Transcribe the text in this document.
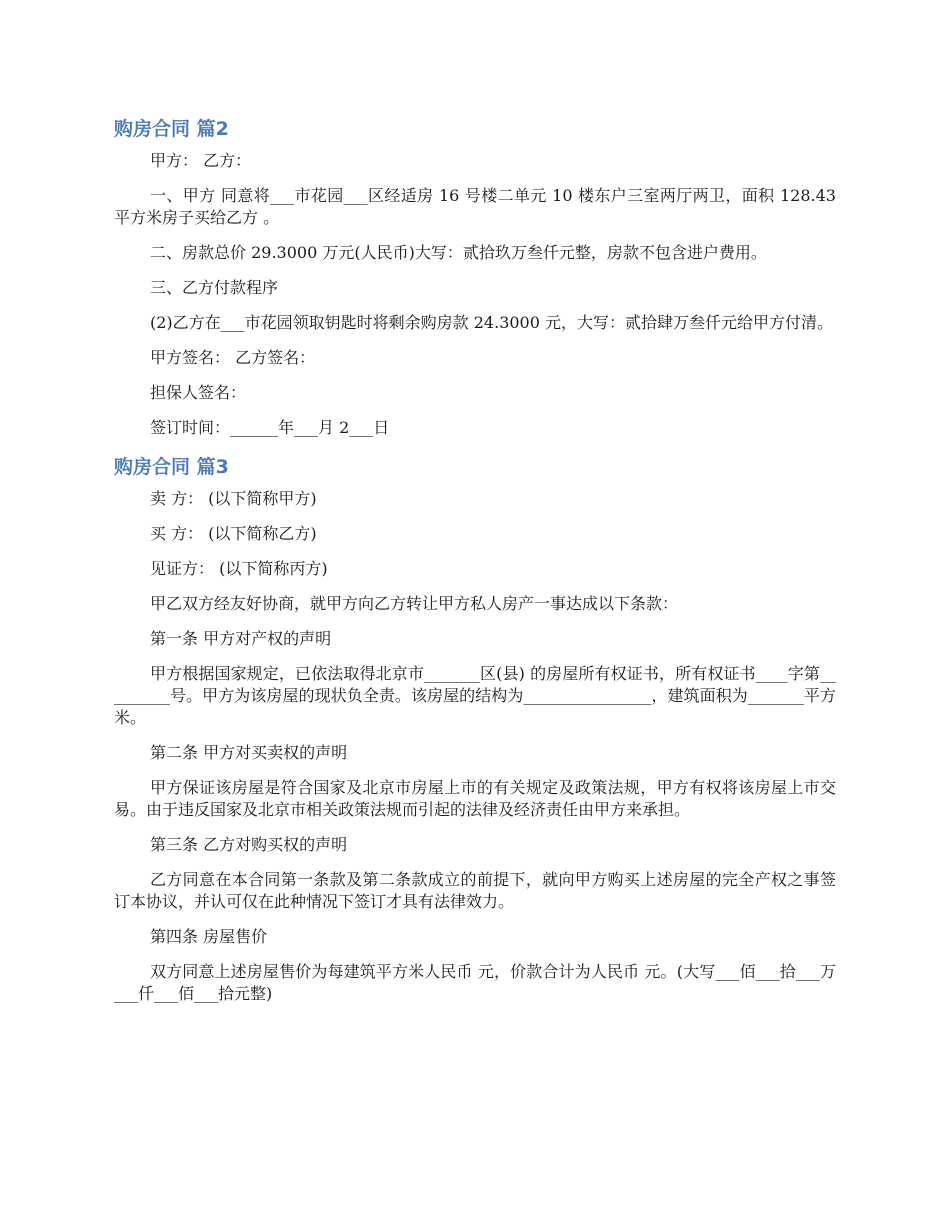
购房合同 篇2

甲方： 乙方：

一、甲方 同意将___市花园___区经适房 16 号楼二单元 10 楼东户三室两厅两卫，面积 128.43 平方米房子买给乙方 。

二、房款总价 29.3000 万元(人民币)大写：贰拾玖万叁仟元整，房款不包含进户费用。

三、乙方付款程序

(2)乙方在___市花园领取钥匙时将剩余购房款 24.3000 元，大写：贰拾肆万叁仟元给甲方付清。

甲方签名： 乙方签名：

担保人签名：

签订时间：______年___月 2___日

购房合同 篇3

卖 方： (以下简称甲方)

买 方： (以下简称乙方)

见证方： (以下简称丙方)

甲乙双方经友好协商，就甲方向乙方转让甲方私人房产一事达成以下条款：

第一条 甲方对产权的声明

甲方根据国家规定，已依法取得北京市_______区(县) 的房屋所有权证书，所有权证书____字第_________号。甲方为该房屋的现状负全责。该房屋的结构为________________，建筑面积为_______平方米。

第二条 甲方对买卖权的声明

甲方保证该房屋是符合国家及北京市房屋上市的有关规定及政策法规，甲方有权将该房屋上市交易。由于违反国家及北京市相关政策法规而引起的法律及经济责任由甲方来承担。

第三条 乙方对购买权的声明

乙方同意在本合同第一条款及第二条款成立的前提下，就向甲方购买上述房屋的完全产权之事签订本协议，并认可仅在此种情况下签订才具有法律效力。

第四条 房屋售价

双方同意上述房屋售价为每建筑平方米人民币 元，价款合计为人民币 元。(大写___佰___拾___万___仟___佰___拾元整)
